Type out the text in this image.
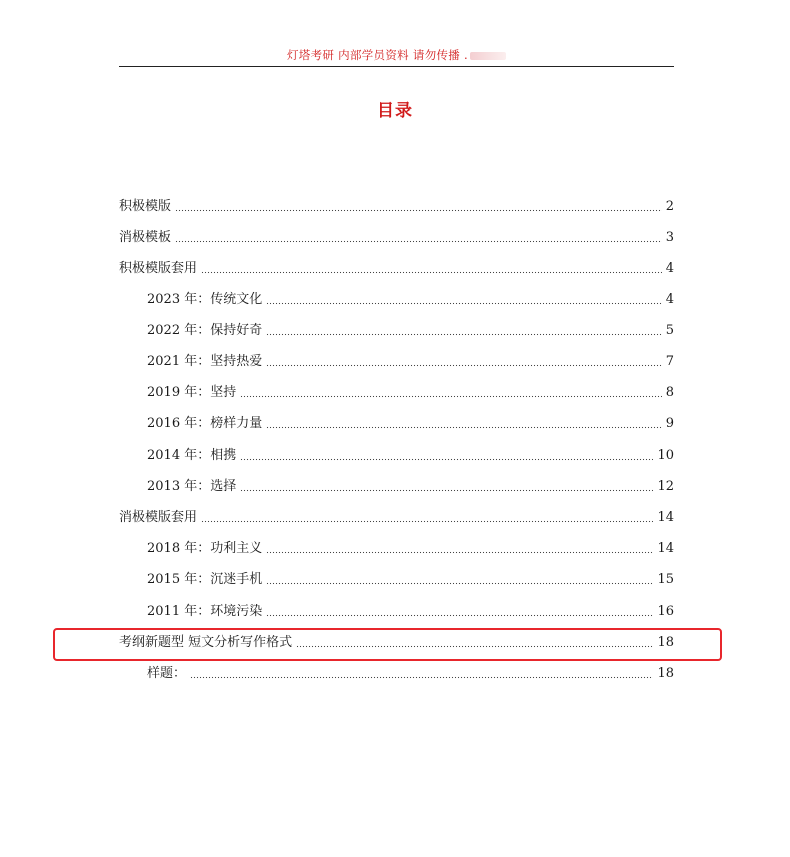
灯塔考研 内部学员资料 请勿传播 .
目录
积极模版	2
消极模板	3
积极模版套用	4
2023 年：传统文化	4
2022 年：保持好奇	5
2021 年：坚持热爱	7
2019 年：坚持	8
2016 年：榜样力量	9
2014 年：相携	10
2013 年：选择	12
消极模版套用	14
2018 年：功利主义	14
2015 年：沉迷手机	15
2011 年：环境污染	16
考纲新题型 短文分析写作格式	18
样题：	18
